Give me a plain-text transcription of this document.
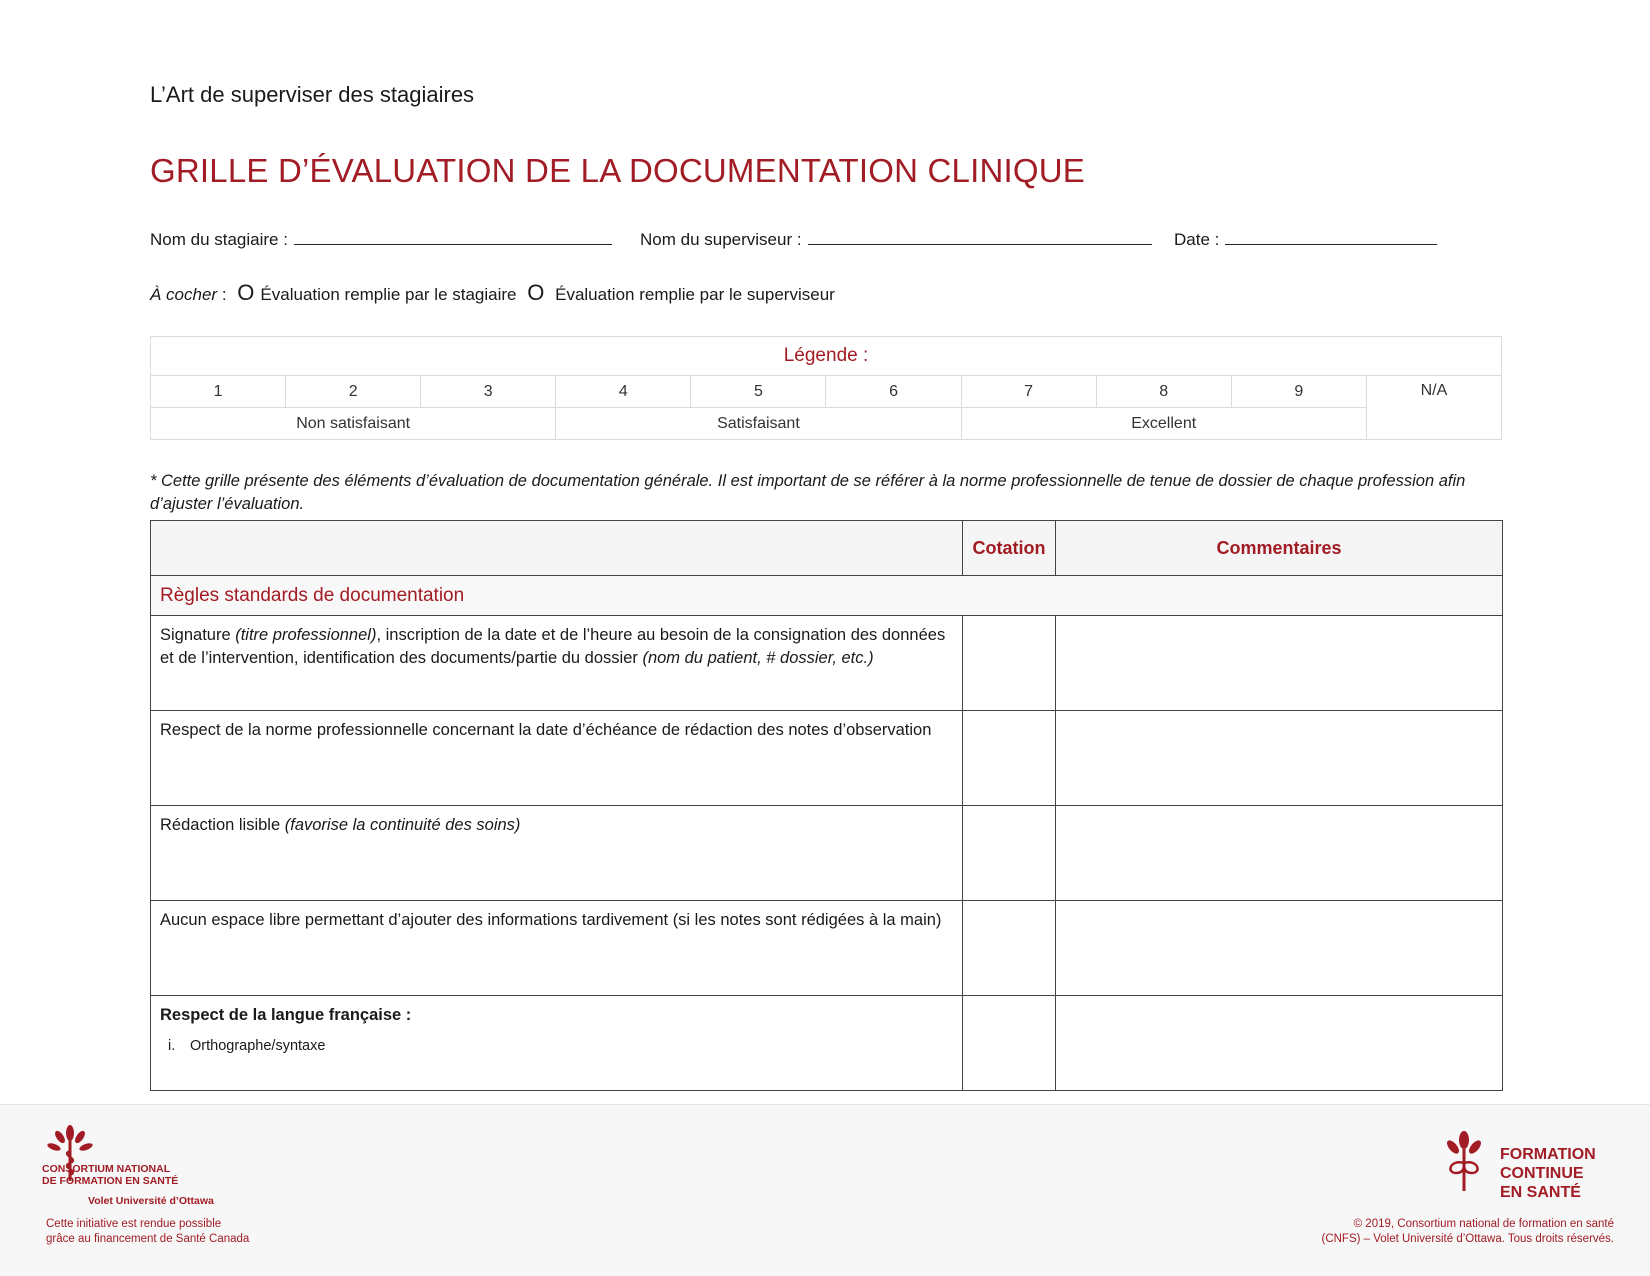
L’Art de superviser des stagiaires
GRILLE D’ÉVALUATION DE LA DOCUMENTATION CLINIQUE
Nom du stagiaire :	Nom du superviseur :	Date :
À cocher : O Évaluation remplie par le stagiaire O Évaluation remplie par le superviseur
Légende :									
1	2	3	4	5	6	7	8	9	N/A
Non satisfaisant			Satisfaisant			Excellent			
* Cette grille présente des éléments d’évaluation de documentation générale. Il est important de se référer à la norme professionnelle de tenue de dossier de chaque profession afin d’ajuster l’évaluation.
	Cotation	Commentaires
Règles standards de documentation		
Signature (titre professionnel), inscription de la date et de l’heure au besoin de la consignation des données et de l’intervention, identification des documents/partie du dossier (nom du patient, # dossier, etc.)		
Respect de la norme professionnelle concernant la date d’échéance de rédaction des notes d’observation		
Rédaction lisible (favorise la continuité des soins)		
Aucun espace libre permettant d’ajouter des informations tardivement (si les notes sont rédigées à la main)		

Respect de la langue française :
i. Orthographe/syntaxe		

CONSORTIUM NATIONAL
DE FORMATION EN SANTÉ
Volet Université d’Ottawa
Cette initiative est rendue possible
grâce au financement de Santé Canada
FORMATION
CONTINUE
EN SANTÉ
© 2019, Consortium national de formation en santé
(CNFS) – Volet Université d’Ottawa. Tous droits réservés.
